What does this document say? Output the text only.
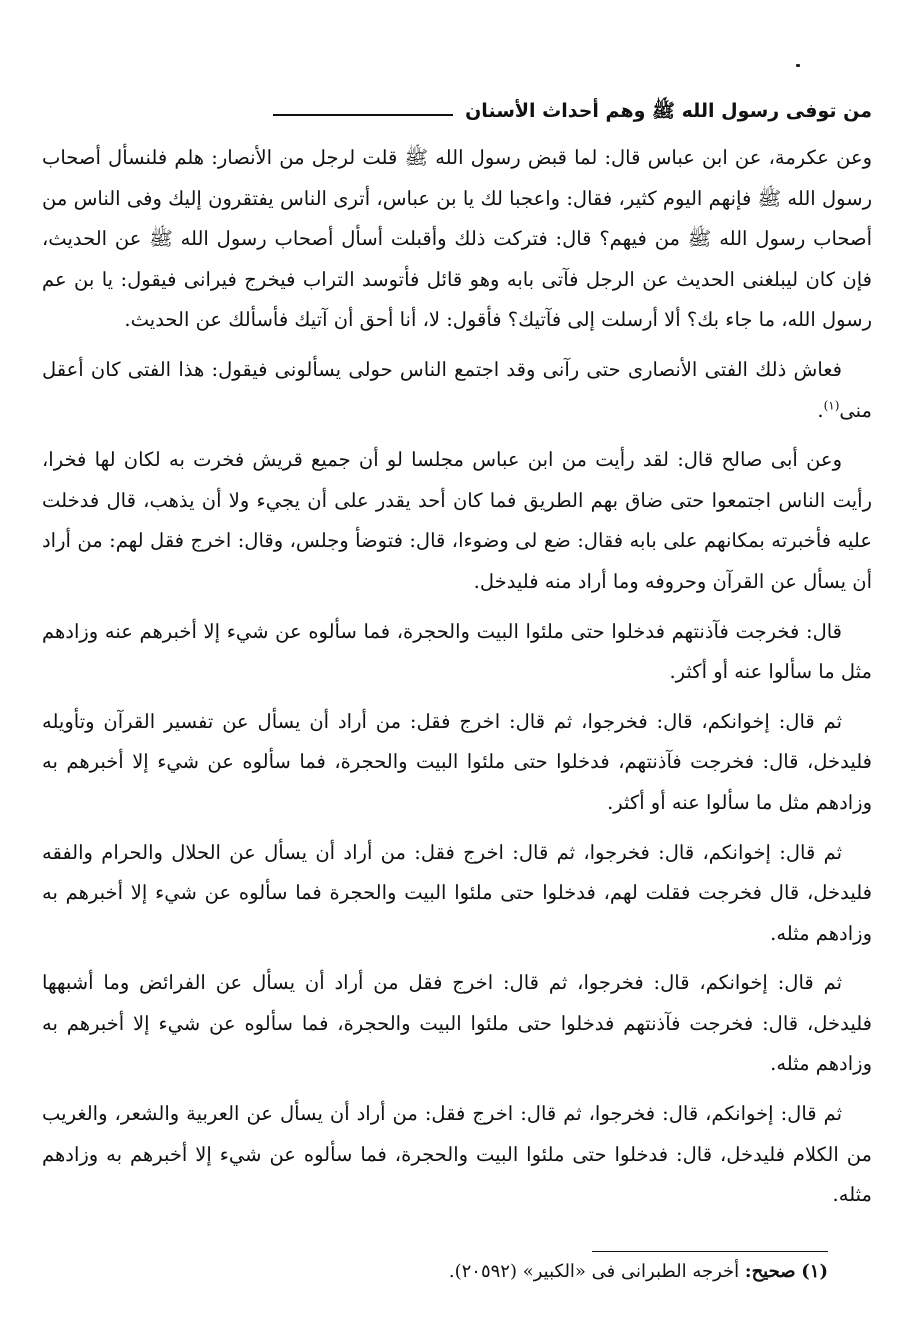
من توفى رسول الله ﷺ وهم أحداث الأسنان

وعن عكرمة، عن ابن عباس قال: لما قبض رسول الله ﷺ قلت لرجل من الأنصار: هلم فلنسأل أصحاب رسول الله ﷺ فإنهم اليوم كثير، فقال: واعجبا لك يا بن عباس، أترى الناس يفتقرون إليك وفى الناس من أصحاب رسول الله ﷺ من فيهم؟ قال: فتركت ذلك وأقبلت أسأل أصحاب رسول الله ﷺ عن الحديث، فإن كان ليبلغنى الحديث عن الرجل فآتى بابه وهو قائل فأتوسد التراب فيخرج فيرانى فيقول: يا بن عم رسول الله، ما جاء بك؟ ألا أرسلت إلى فآتيك؟ فأقول: لا، أنا أحق أن آتيك فأسألك عن الحديث.

فعاش ذلك الفتى الأنصارى حتى رآنى وقد اجتمع الناس حولى يسألونى فيقول: هذا الفتى كان أعقل منى$^{(١)}$.

وعن أبى صالح قال: لقد رأيت من ابن عباس مجلسا لو أن جميع قريش فخرت به لكان لها فخرا، رأيت الناس اجتمعوا حتى ضاق بهم الطريق فما كان أحد يقدر على أن يجيء ولا أن يذهب، قال فدخلت عليه فأخبرته بمكانهم على بابه فقال: ضع لى وضوءا، قال: فتوضأ وجلس، وقال: اخرج فقل لهم: من أراد أن يسأل عن القرآن وحروفه وما أراد منه فليدخل.

قال: فخرجت فآذنتهم فدخلوا حتى ملئوا البيت والحجرة، فما سألوه عن شيء إلا أخبرهم عنه وزادهم مثل ما سألوا عنه أو أكثر.

ثم قال: إخوانكم، قال: فخرجوا، ثم قال: اخرج فقل: من أراد أن يسأل عن تفسير القرآن وتأويله فليدخل، قال: فخرجت فآذنتهم، فدخلوا حتى ملئوا البيت والحجرة، فما سألوه عن شيء إلا أخبرهم به وزادهم مثل ما سألوا عنه أو أكثر.

ثم قال: إخوانكم، قال: فخرجوا، ثم قال: اخرج فقل: من أراد أن يسأل عن الحلال والحرام والفقه فليدخل، قال فخرجت فقلت لهم، فدخلوا حتى ملئوا البيت والحجرة فما سألوه عن شيء إلا أخبرهم به وزادهم مثله.

ثم قال: إخوانكم، قال: فخرجوا، ثم قال: اخرج فقل من أراد أن يسأل عن الفرائض وما أشبهها فليدخل، قال: فخرجت فآذنتهم فدخلوا حتى ملئوا البيت والحجرة، فما سألوه عن شيء إلا أخبرهم به وزادهم مثله.

ثم قال: إخوانكم، قال: فخرجوا، ثم قال: اخرج فقل: من أراد أن يسأل عن العربية والشعر، والغريب من الكلام فليدخل، قال: فدخلوا حتى ملئوا البيت والحجرة، فما سألوه عن شيء إلا أخبرهم به وزادهم مثله.

(١) صحيح: أخرجه الطبرانى فى «الكبير» (٢٠٥٩٢).
